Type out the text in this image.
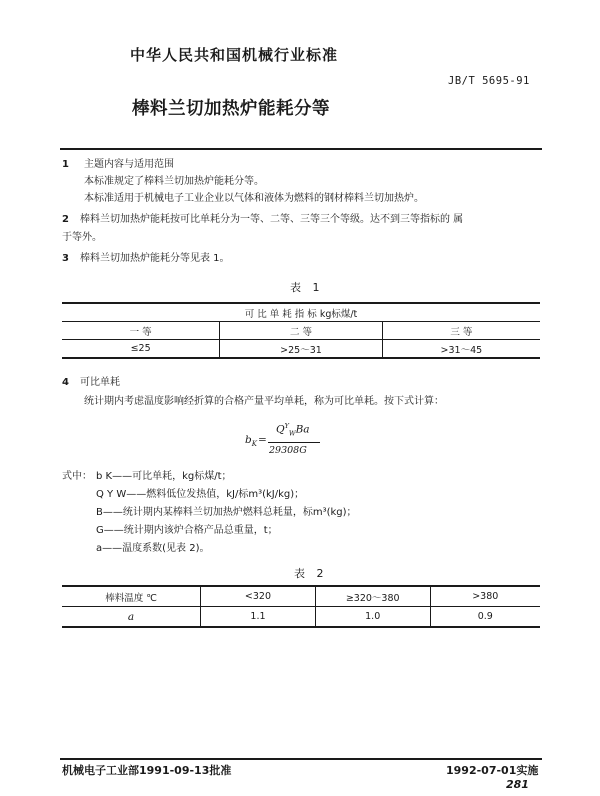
中华人民共和国机械行业标准
JB/T 5695-91
棒料兰切加热炉能耗分等
1 主题内容与适用范围
本标准规定了棒料兰切加热炉能耗分等。
本标准适用于机械电子工业企业以气体和液体为燃料的钢材棒料兰切加热炉。
2 棒料兰切加热炉能耗按可比单耗分为一等、二等、三等三个等级。达不到三等指标的 属
于等外。
3 棒料兰切加热炉能耗分等见表 1。
表 1
可 比 单 耗 指 标 kg标煤/t		
一 等	二 等	三 等
≤25	>25～31	>31～45
4 可比单耗
统计期内考虑温度影响经折算的合格产量平均单耗，称为可比单耗。按下式计算：
$b_K$ =
$Q^Y_WBa$
29308G
式中： b K——可比单耗，kg标煤/t；
Q Y W——燃料低位发热值，kJ/标m³(kJ/kg)；
B——统计期内某棒料兰切加热炉燃料总耗量，标m³(kg)；
G——统计期内该炉合格产品总重量，t；
a——温度系数(见表 2)。
表 2
棒料温度 ℃	<320	≥320～380	>380
a	1.1	1.0	0.9
机械电子工业部1991-09-13批准	1992-07-01实施
281
